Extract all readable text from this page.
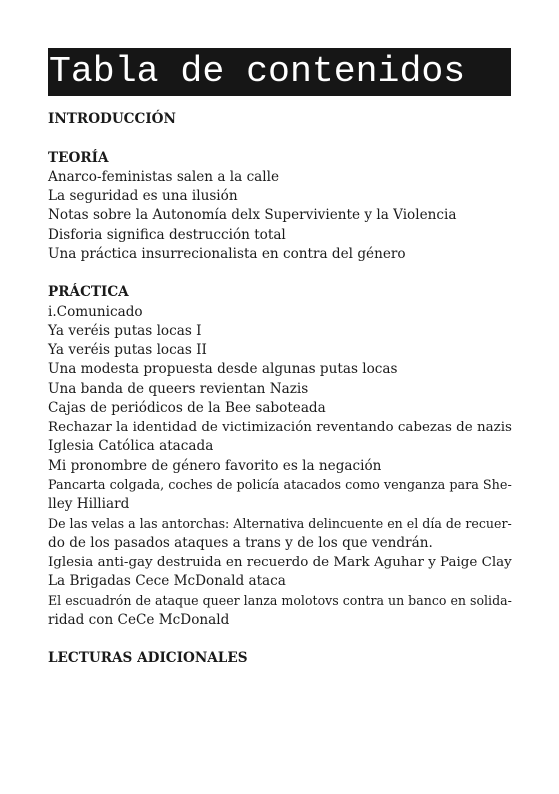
Tabla de contenidos
INTRODUCCIÓN
TEORÍA
Anarco-feministas salen a la calle
La seguridad es una ilusión
Notas sobre la Autonomía delx Superviviente y la Violencia
Disforia significa destrucción total
Una práctica insurrecionalista en contra del género
PRÁCTICA
i.Comunicado
Ya veréis putas locas I
Ya veréis putas locas II
Una modesta propuesta desde algunas putas locas
Una banda de queers revientan Nazis
Cajas de periódicos de la Bee saboteada
Rechazar la identidad de victimización reventando cabezas de nazis
Iglesia Católica atacada
Mi pronombre de género favorito es la negación
Pancarta colgada, coches de policía atacados como venganza para She-
lley Hilliard
De las velas a las antorchas: Alternativa delincuente en el día de recuer-
do de los pasados ataques a trans y de los que vendrán.
Iglesia anti-gay destruida en recuerdo de Mark Aguhar y Paige Clay
La Brigadas Cece McDonald ataca
El escuadrón de ataque queer lanza molotovs contra un banco en solida-
ridad con CeCe McDonald
LECTURAS ADICIONALES
